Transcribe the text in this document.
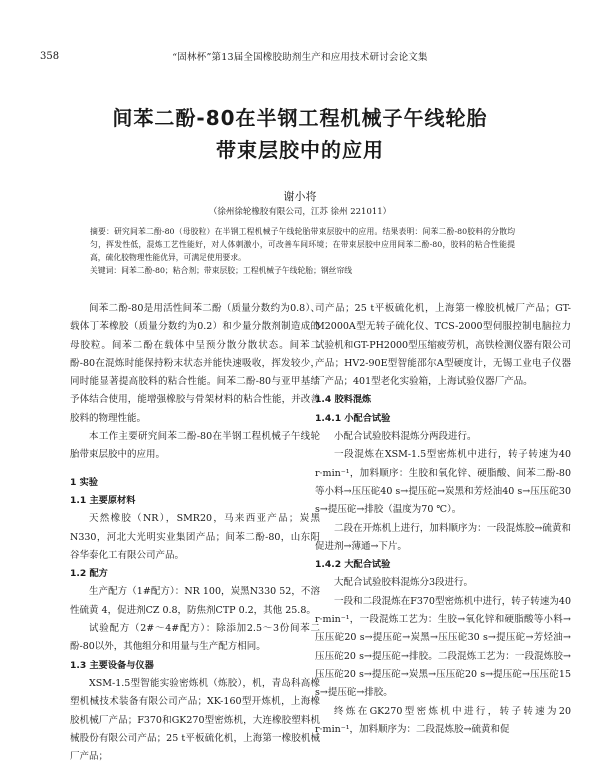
358	“固林杯”第13届全国橡胶助剂生产和应用技术研讨会论文集
间苯二酚-80在半钢工程机械子午线轮胎
带束层胶中的应用
谢小将
（徐州徐轮橡胶有限公司，江苏 徐州 221011）

摘要：研究间苯二酚-80（母胶粒）在半钢工程机械子午线轮胎带束层胶中的应用。结果表明：间苯二酚-80胶料的分散均匀，挥发性低，混炼工艺性能好，对人体刺激小，可改善车间环境；在带束层胶中应用间苯二酚-80，胶料的粘合性能提高，硫化胶物理性能优异，可满足使用要求。

关键词：间苯二酚-80；粘合剂；带束层胶；工程机械子午线轮胎；钢丝帘线

间苯二酚-80是用活性间苯二酚（质量分数约为0.8）、载体丁苯橡胶（质量分数约为0.2）和少量分散剂制造成的母胶粒。间苯二酚在载体中呈预分散分散状态。间苯二酚-80在混炼时能保持粉末状态并能快速吸收，挥发较少，同时能显著提高胶料的粘合性能。间苯二酚-80与亚甲基给予体结合使用，能增强橡胶与骨架材料的粘合性能，并改善胶料的物理性能。

本工作主要研究间苯二酚-80在半钢工程机械子午线轮胎带束层胶中的应用。

1 实验

1.1 主要原材料

天然橡胶（NR），SMR20，马来西亚产品；炭黑N330，河北大光明实业集团产品；间苯二酚-80，山东阳谷华泰化工有限公司产品。

1.2 配方

生产配方（1#配方）：NR 100，炭黑N330 52，不溶性硫黄 4，促进剂CZ 0.8，防焦剂CTP 0.2，其他 25.8。

试验配方（2#～4#配方）：除添加2.5～3份间苯二酚-80以外，其他组分和用量与生产配方相同。

1.3 主要设备与仪器

XSM-1.5型智能实验密炼机（炼胶），机，青岛科高橡塑机械技术装备有限公司产品；XK-160型开炼机，上海橡胶机械厂产品；F370和GK270型密炼机，大连橡胶塑料机械股份有限公司产品；25 t平板硫化机，上海第一橡胶机械厂产品；

司产品；25 t平板硫化机，上海第一橡胶机械厂产品；GT-M2000A型无转子硫化仪、TCS-2000型伺服控制电脑拉力试验机和GT-PH2000型压缩疲劳机，高铁检测仪器有限公司产品；HV2-90E型智能邵尔A型硬度计，无锡工业电子仪器厂产品；401型老化实验箱，上海试验仪器厂产品。

1.4 胶料混炼

1.4.1 小配合试验

小配合试验胶料混炼分两段进行。

一段混炼在XSM-1.5型密炼机中进行，转子转速为40 r·min⁻¹，加料顺序：生胶和氧化锌、硬脂酸、间苯二酚-80等小料→压压砣40 s→提压砣→炭黑和芳烃油40 s→压压砣30 s→提压砣→排胶（温度为70 ℃）。

二段在开炼机上进行，加料顺序为：一段混炼胶→硫黄和促进剂→薄通→下片。

1.4.2 大配合试验

大配合试验胶料混炼分3段进行。

一段和二段混炼在F370型密炼机中进行，转子转速为40 r·min⁻¹，一段混炼工艺为：生胶→氧化锌和硬脂酸等小料→压压砣20 s→提压砣→炭黑→压压砣30 s→提压砣→芳烃油→压压砣20 s→提压砣→排胶。二段混炼工艺为：一段混炼胶→压压砣20 s→提压砣→炭黑→压压砣20 s→提压砣→压压砣15 s→提压砣→排胶。

终炼在GK270型密炼机中进行，转子转速为20 r·min⁻¹，加料顺序为：二段混炼胶→硫黄和促
